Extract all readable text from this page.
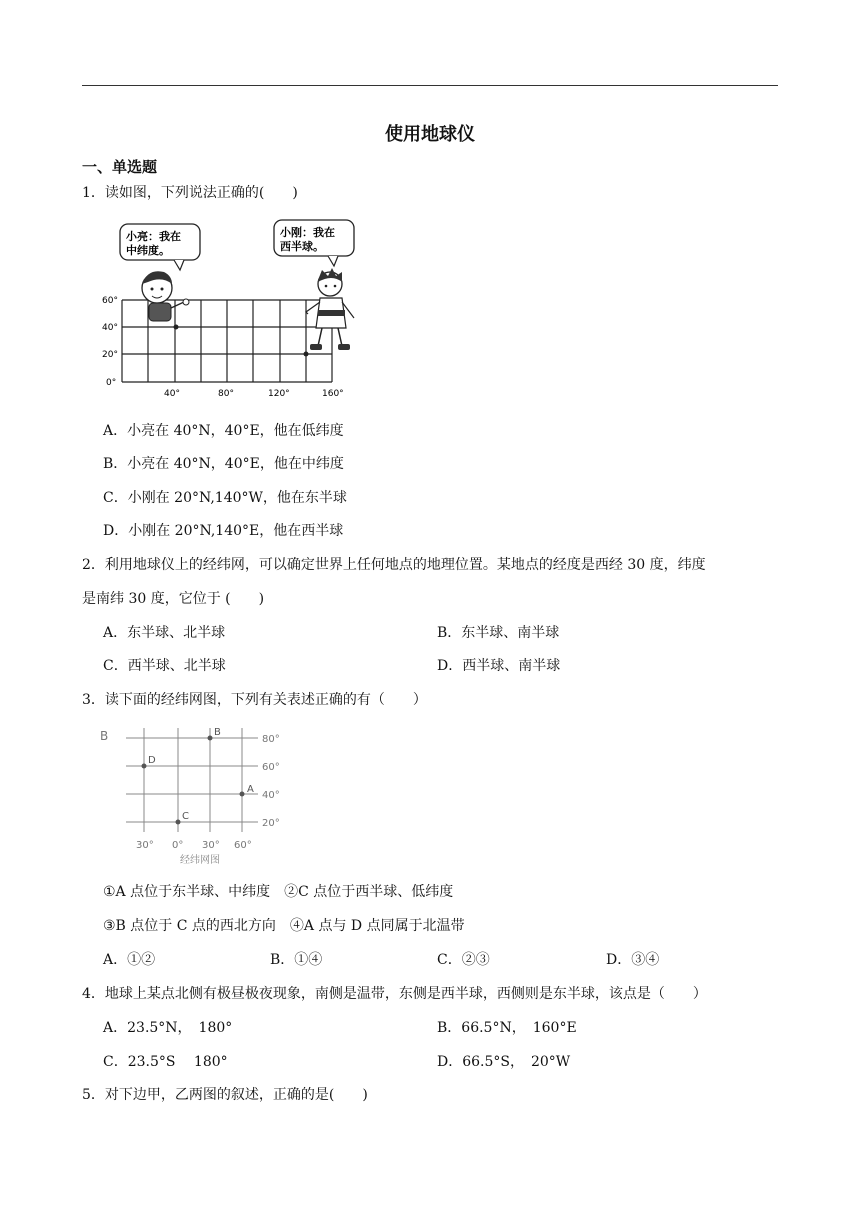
使用地球仪
一、单选题
1．读如图，下列说法正确的(　　)
60°
40°
20°
0°
40°	80°	120°	160°
小亮：我在
中纬度。
小刚：我在
西半球。
A．小亮在 40°N，40°E，他在低纬度
B．小亮在 40°N，40°E，他在中纬度
C．小刚在 20°N,140°W，他在东半球
D．小刚在 20°N,140°E，他在西半球
2．利用地球仪上的经纬网，可以确定世界上任何地点的地理位置。某地点的经度是西经 30 度，纬度
是南纬 30 度，它位于 (　　)
A．东半球、北半球	B．东半球、南半球
C．西半球、北半球	D．西半球、南半球
3．读下面的经纬网图，下列有关表述正确的有（　　）
B	80°
60°
40°
20°
30° 0° 30° 60°
B
D
A
C
经纬网图
①A 点位于东半球、中纬度　②C 点位于西半球、低纬度
③B 点位于 C 点的西北方向　④A 点与 D 点同属于北温带
A．①②	B．①④	C．②③	D．③④
4．地球上某点北侧有极昼极夜现象，南侧是温带，东侧是西半球，西侧则是东半球，该点是（　　）
A．23.5°N，　180°	B．66.5°N，　160°E
C．23.5°S　 180°	D．66.5°S，　20°W
5．对下边甲，乙两图的叙述，正确的是(　　)
